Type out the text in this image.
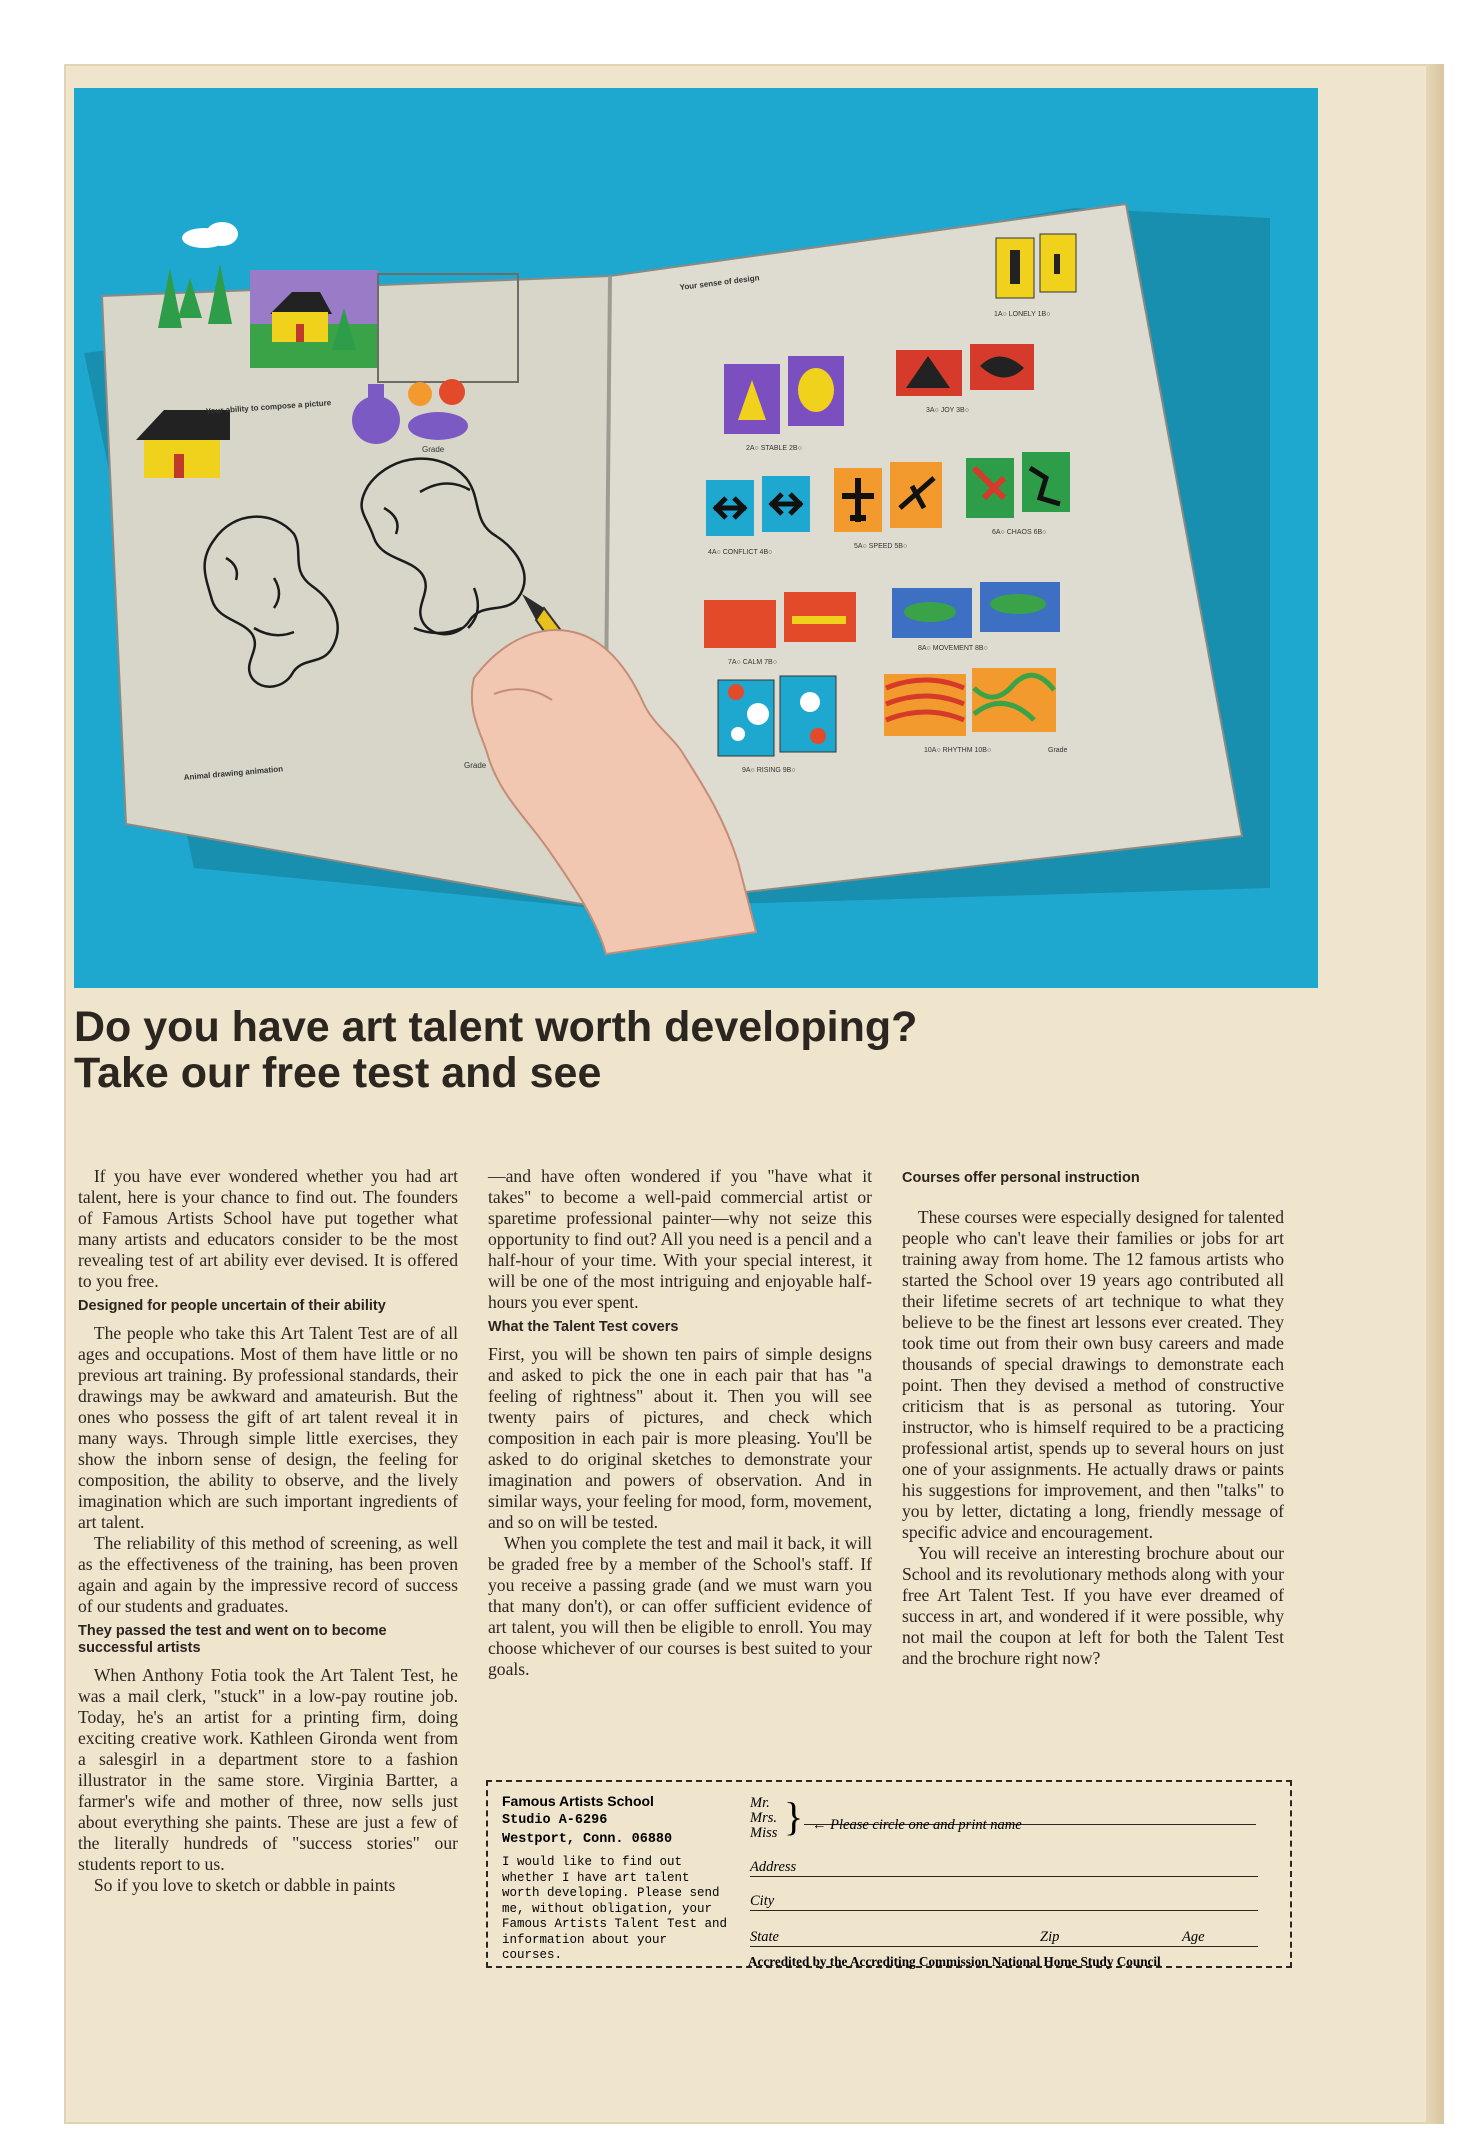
Your ability to compose a picture
Grade
Animal drawing animation	Grade
Your sense of design
1A○ LONELY 1B○
2A○ STABLE 2B○
3A○ JOY 3B○
4A○ CONFLICT 4B○
5A○ SPEED 5B○
6A○ CHAOS 6B○
7A○ CALM 7B○
8A○ MOVEMENT 8B○
9A○ RISING 9B○
10A○ RHYTHM 10B○	Grade
Do you have art talent worth developing?
Take our free test and see

If you have ever wondered whether you had art talent, here is your chance to find out. The founders of Famous Artists School have put together what many artists and educators consider to be the most revealing test of art ability ever devised. It is offered to you free.

Designed for people uncertain of their ability

The people who take this Art Talent Test are of all ages and occupations. Most of them have little or no previous art training. By professional standards, their drawings may be awkward and amateurish. But the ones who possess the gift of art talent reveal it in many ways. Through simple little exercises, they show the inborn sense of design, the feeling for composition, the ability to observe, and the lively imagination which are such important ingredients of art talent.

The reliability of this method of screening, as well as the effectiveness of the training, has been proven again and again by the impressive record of success of our students and graduates.

They passed the test and went on to become successful artists

When Anthony Fotia took the Art Talent Test, he was a mail clerk, "stuck" in a low-pay routine job. Today, he's an artist for a printing firm, doing exciting creative work. Kathleen Gironda went from a salesgirl in a department store to a fashion illustrator in the same store. Virginia Bartter, a farmer's wife and mother of three, now sells just about everything she paints. These are just a few of the literally hundreds of "success stories" our students report to us.

So if you love to sketch or dabble in paints

—and have often wondered if you "have what it takes" to become a well-paid commercial artist or sparetime professional painter—why not seize this opportunity to find out? All you need is a pencil and a half-hour of your time. With your special interest, it will be one of the most intriguing and enjoyable half-hours you ever spent.

What the Talent Test covers

First, you will be shown ten pairs of simple designs and asked to pick the one in each pair that has "a feeling of rightness" about it. Then you will see twenty pairs of pictures, and check which composition in each pair is more pleasing. You'll be asked to do original sketches to demonstrate your imagination and powers of observation. And in similar ways, your feeling for mood, form, movement, and so on will be tested.

When you complete the test and mail it back, it will be graded free by a member of the School's staff. If you receive a passing grade (and we must warn you that many don't), or can offer sufficient evidence of art talent, you will then be eligible to enroll. You may choose whichever of our courses is best suited to your goals.

Courses offer personal instruction

These courses were especially designed for talented people who can't leave their families or jobs for art training away from home. The 12 famous artists who started the School over 19 years ago contributed all their lifetime secrets of art technique to what they believe to be the finest art lessons ever created. They took time out from their own busy careers and made thousands of special drawings to demonstrate each point. Then they devised a method of constructive criticism that is as personal as tutoring. Your instructor, who is himself required to be a practicing professional artist, spends up to several hours on just one of your assignments. He actually draws or paints his suggestions for improvement, and then "talks" to you by letter, dictating a long, friendly message of specific advice and encouragement.

You will receive an interesting brochure about our School and its revolutionary methods along with your free Art Talent Test. If you have ever dreamed of success in art, and wondered if it were possible, why not mail the coupon at left for both the Talent Test and the brochure right now?

Famous Artists School

Studio A-6296

Westport, Conn. 06880

I would like to find out whether I have art talent worth developing. Please send me, without obligation, your Famous Artists Talent Test and information about your courses.

Mr.
Mrs.
Miss } ← Please circle one and print name
Address
City
State	Zip	Age
Accredited by the Accrediting Commission National Home Study Council
